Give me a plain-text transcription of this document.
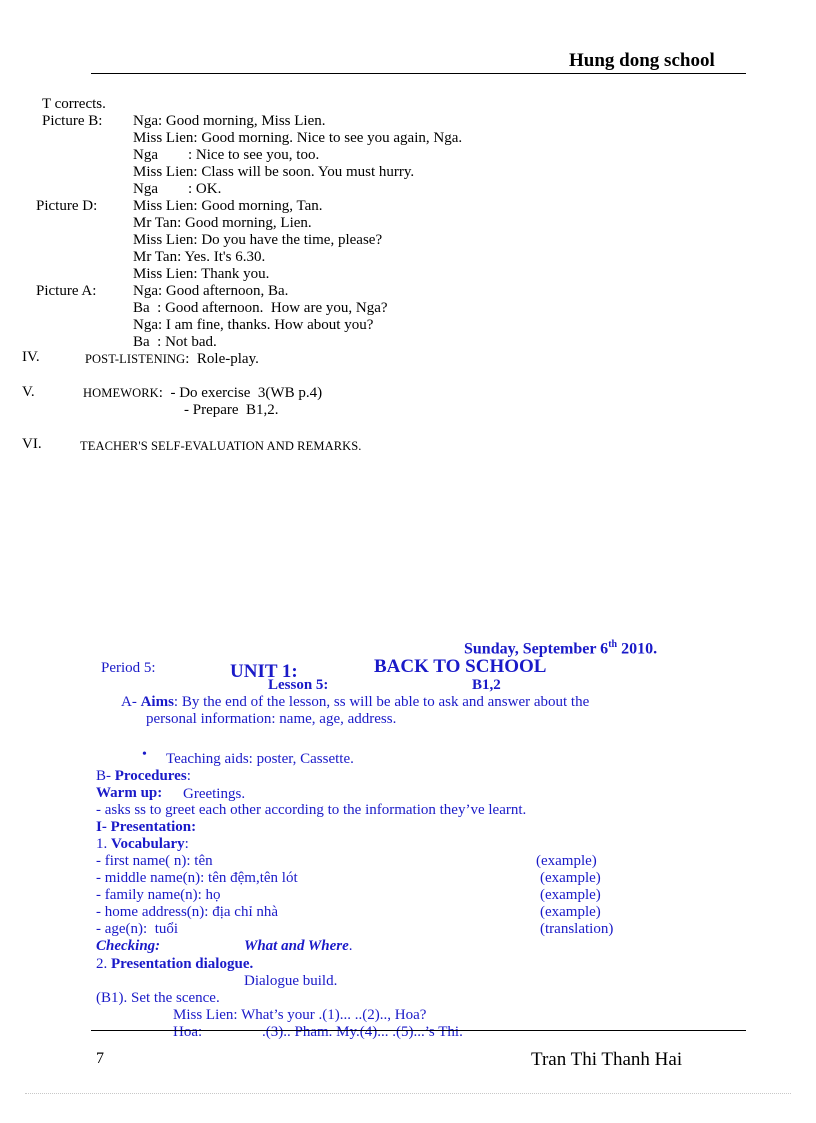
Hung dong school
T corrects.
Picture B: Nga: Good morning, Miss Lien.
Miss Lien: Good morning. Nice to see you again, Nga.
Nga        : Nice to see you, too.
Miss Lien: Class will be soon. You must hurry.
Nga        : OK.
Picture D: Miss Lien: Good morning, Tan.
Mr Tan: Good morning, Lien.
Miss Lien: Do you have the time, please?
Mr Tan: Yes. It's 6.30.
Miss Lien: Thank you.
Picture A: Nga: Good afternoon, Ba.
Ba  : Good afternoon.  How are you, Nga?
Nga: I am fine, thanks. How about you?
Ba  : Not bad.
IV.	POST-LISTENING:  Role-play.
V.	HOMEWORK:  - Do exercise  3(WB p.4)
- Prepare  B1,2.
VI.	TEACHER'S SELF-EVALUATION AND REMARKS.
Sunday, September 6th 2010.
Period 5:	UNIT 1:	BACK TO SCHOOL
Lesson 5:	B1,2
A- Aims: By the end of the lesson, ss will be able to ask and answer about the
personal information: name, age, address.
• Teaching aids: poster, Cassette.
B- Procedures:
Warm up: Greetings.
- asks ss to greet each other according to the information they’ve learnt.
I- Presentation:
1. Vocabulary:
- first name( n): tên	(example)
- middle name(n): tên đệm,tên lót	(example)
- family name(n): họ	(example)
- home address(n): địa chỉ nhà	(example)
- age(n):  tuổi	(translation)
Checking:	What and Where.
2. Presentation dialogue.
Dialogue build.
(B1). Set the scence.
Miss Lien: What’s your .(1)... ..(2).., Hoa?
Hoa:	.(3).. Pham. My.(4)... .(5)...’s Thi.
7	Tran Thi Thanh Hai
